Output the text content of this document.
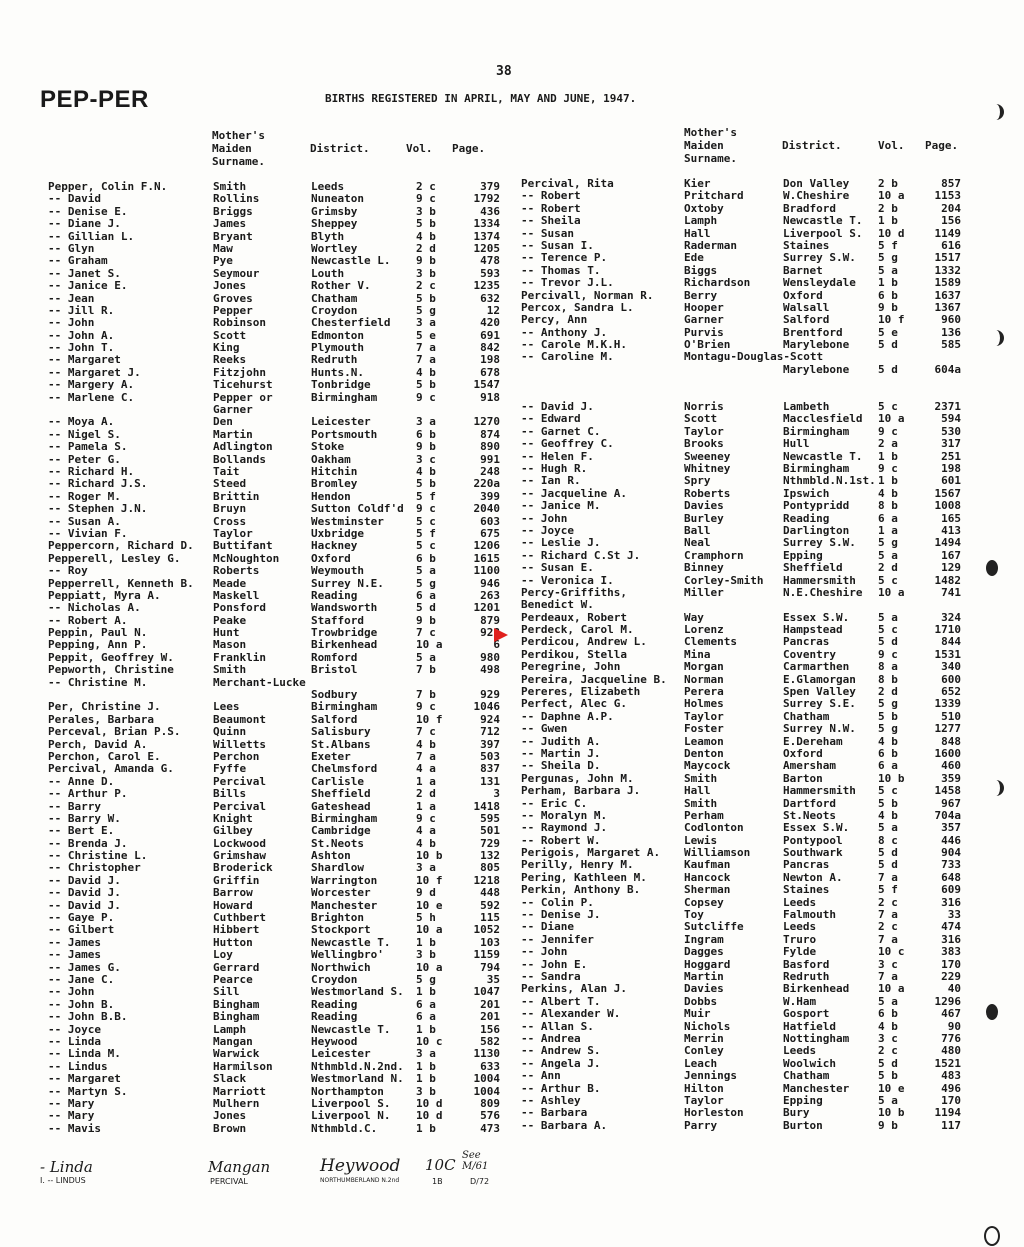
38
PEP-PER	BIRTHS REGISTERED IN APRIL, MAY AND JUNE, 1947.
Mother's
Maiden
Surname.
District.	Vol. Page.
Mother's
Maiden
Surname.
District.	Vol. Page.
Pepper, Colin F.N.	Smith	Leeds	2 c	379
-- David	Rollins	Nuneaton	9 c	1792
-- Denise E.	Briggs	Grimsby	3 b	436
-- Diane J.	James	Sheppey	5 b	1334
-- Gillian L.	Bryant	Blyth	4 b	1374
-- Glyn	Maw	Wortley	2 d	1205
-- Graham	Pye	Newcastle L. 9 b	478
-- Janet S.	Seymour	Louth	3 b	593
-- Janice E.	Jones	Rother V.	2 c	1235
-- Jean	Groves	Chatham	5 b	632
-- Jill R.	Pepper	Croydon	5 g	12
-- John	Robinson	Chesterfield 3 a	420
-- John A.	Scott	Edmonton	5 e	691
-- John T.	King	Plymouth	7 a	842
-- Margaret	Reeks	Redruth	7 a	198
-- Margaret J.	Fitzjohn	Hunts.N.	4 b	678
-- Margery A.	Ticehurst	Tonbridge	5 b	1547
-- Marlene C.	Pepper or	Birmingham	9 c	918
Garner
-- Moya A.	Den	Leicester	3 a	1270
-- Nigel S.	Martin	Portsmouth	6 b	874
-- Pamela S.	Adlington	Stoke	9 b	890
-- Peter G.	Bollands	Oakham	3 c	991
-- Richard H.	Tait	Hitchin	4 b	248
-- Richard J.S.	Steed	Bromley	5 b	220a
-- Roger M.	Brittin	Hendon	5 f	399
-- Stephen J.N.	Bruyn	Sutton Coldf'd 9 c	2040
-- Susan A.	Cross	Westminster	5 c	603
-- Vivian F.	Taylor	Uxbridge	5 f	675
Peppercorn, Richard D. Buttifant	Hackney	5 c	1206
Pepperell, Lesley G.	McNoughton	Oxford	6 b	1615
-- Roy	Roberts	Weymouth	5 a	1100
Pepperrell, Kenneth B. Meade	Surrey N.E.	5 g	946
Peppiatt, Myra A.	Maskell	Reading	6 a	263
-- Nicholas A.	Ponsford	Wandsworth	5 d	1201
-- Robert A.	Peake	Stafford	9 b	879
Peppin, Paul N.	Hunt	Trowbridge	7 c	928
Pepping, Ann P.	Mason	Birkenhead	10 a	6
Peppit, Geoffrey W.	Franklin	Romford	5 a	980
Pepworth, Christine	Smith	Bristol	7 b	498
-- Christine M.	Merchant-Lucke
Sodbury	7 b	929
Per, Christine J.	Lees	Birmingham	9 c	1046
Perales, Barbara	Beaumont	Salford	10 f	924
Perceval, Brian P.S.	Quinn	Salisbury	7 c	712
Perch, David A.	Willetts	St.Albans	4 b	397
Perchon, Carol E.	Perchon	Exeter	7 a	503
Percival, Amanda G.	Fyffe	Chelmsford	4 a	837
-- Anne D.	Percival	Carlisle	1 a	131
-- Arthur P.	Bills	Sheffield	2 d	3
-- Barry	Percival	Gateshead	1 a	1418
-- Barry W.	Knight	Birmingham	9 c	595
-- Bert E.	Gilbey	Cambridge	4 a	501
-- Brenda J.	Lockwood	St.Neots	4 b	729
-- Christine L.	Grimshaw	Ashton	10 b	132
-- Christopher	Broderick	Shardlow	3 a	805
-- David J.	Griffin	Warrington	10 f	1218
-- David J.	Barrow	Worcester	9 d	448
-- David J.	Howard	Manchester	10 e	592
-- Gaye P.	Cuthbert	Brighton	5 h	115
-- Gilbert	Hibbert	Stockport	10 a	1052
-- James	Hutton	Newcastle T. 1 b	103
-- James	Loy	Wellingbro'	3 b	1159
-- James G.	Gerrard	Northwich	10 a	794
-- Jane C.	Pearce	Croydon	5 g	35
-- John	Sill	Westmorland S. 1 b	1047
-- John B.	Bingham	Reading	6 a	201
-- John B.B.	Bingham	Reading	6 a	201
-- Joyce	Lamph	Newcastle T. 1 b	156
-- Linda	Mangan	Heywood	10 c	582
-- Linda M.	Warwick	Leicester	3 a	1130
-- Lindus	Harmilson	Nthmbld.N.2nd. 1 b	633
-- Margaret	Slack	Westmorland N. 1 b	1004
-- Martyn S.	Marriott	Northampton	3 b	1004
-- Mary	Mulhern	Liverpool S. 10 d	809
-- Mary	Jones	Liverpool N. 10 d	576
-- Mavis	Brown	Nthmbld.C.	1 b	473
Percival, Rita	Kier	Don Valley	2 b	857
-- Robert	Pritchard	W.Cheshire	10 a	1153
-- Robert	Oxtoby	Bradford	2 b	204
-- Sheila	Lamph	Newcastle T. 1 b	156
-- Susan	Hall	Liverpool S. 10 d	1149
-- Susan I.	Raderman	Staines	5 f	616
-- Terence P.	Ede	Surrey S.W. 5 g	1517
-- Thomas T.	Biggs	Barnet	5 a	1332
-- Trevor J.L.	Richardson	Wensleydale 1 b	1589
Percivall, Norman R.	Berry	Oxford	6 b	1637
Percox, Sandra L.	Hooper	Walsall	9 b	1367
Percy, Ann	Garner	Salford	10 f	960
-- Anthony J.	Purvis	Brentford	5 e	136
-- Carole M.K.H.	O'Brien	Marylebone	5 d	585
-- Caroline M.	Montagu-Douglas-Scott
Marylebone	5 d	604a
-- David J.	Norris	Lambeth	5 c	2371
-- Edward	Scott	Macclesfield 10 a	594
-- Garnet C.	Taylor	Birmingham	9 c	530
-- Geoffrey C.	Brooks	Hull	2 a	317
-- Helen F.	Sweeney	Newcastle T. 1 b	251
-- Hugh R.	Whitney	Birmingham	9 c	198
-- Ian R.	Spry	Nthmbld.N.1st. 1 b	601
-- Jacqueline A.	Roberts	Ipswich	4 b	1567
-- Janice M.	Davies	Pontypridd	8 b	1008
-- John	Burley	Reading	6 a	165
-- Joyce	Ball	Darlington	1 a	413
-- Leslie J.	Neal	Surrey S.W. 5 g	1494
-- Richard C.St J.	Cramphorn	Epping	5 a	167
-- Susan E.	Binney	Sheffield	2 d	129
-- Veronica I.	Corley-Smith Hammersmith 5 c	1482
Percy-Griffiths,	Miller	N.E.Cheshire 10 a	741
Benedict W.
Perdeaux, Robert	Way	Essex S.W.	5 a	324
Perdeck, Carol M.	Lorenz	Hampstead	5 c	1710
Perdicou, Andrew L.	Clements	Pancras	5 d	844
Perdikou, Stella	Mina	Coventry	9 c	1531
Peregrine, John	Morgan	Carmarthen	8 a	340
Pereira, Jacqueline B. Norman	E.Glamorgan 8 b	600
Pereres, Elizabeth	Perera	Spen Valley 2 d	652
Perfect, Alec G.	Holmes	Surrey S.E. 5 g	1339
-- Daphne A.P.	Taylor	Chatham	5 b	510
-- Gwen	Foster	Surrey N.W. 5 g	1277
-- Judith A.	Leamon	E.Dereham	4 b	848
-- Martin J.	Denton	Oxford	6 b	1600
-- Sheila D.	Maycock	Amersham	6 a	460
Pergunas, John M.	Smith	Barton	10 b	359
Perham, Barbara J.	Hall	Hammersmith 5 c	1458
-- Eric C.	Smith	Dartford	5 b	967
-- Moralyn M.	Perham	St.Neots	4 b	704a
-- Raymond J.	Codlonton	Essex S.W.	5 a	357
-- Robert W.	Lewis	Pontypool	8 c	446
Perigois, Margaret A. Williamson	Southwark	5 d	904
Perilly, Henry M.	Kaufman	Pancras	5 d	733
Pering, Kathleen M.	Hancock	Newton A.	7 a	648
Perkin, Anthony B.	Sherman	Staines	5 f	609
-- Colin P.	Copsey	Leeds	2 c	316
-- Denise J.	Toy	Falmouth	7 a	33
-- Diane	Sutcliffe	Leeds	2 c	474
-- Jennifer	Ingram	Truro	7 a	316
-- John	Dagges	Fylde	10 c	383
-- John E.	Hoggard	Basford	3 c	170
-- Sandra	Martin	Redruth	7 a	229
Perkins, Alan J.	Davies	Birkenhead	10 a	40
-- Albert T.	Dobbs	W.Ham	5 a	1296
-- Alexander W.	Muir	Gosport	6 b	467
-- Allan S.	Nichols	Hatfield	4 b	90
-- Andrea	Merrin	Nottingham	3 c	776
-- Andrew S.	Conley	Leeds	2 c	480
-- Angela J.	Leach	Woolwich	5 d	1521
-- Ann	Jennings	Chatham	5 b	483
-- Arthur B.	Hilton	Manchester	10 e	496
-- Ashley	Taylor	Epping	5 a	170
-- Barbara	Horleston	Bury	10 b	1194
-- Barbara A.	Parry	Burton	9 b	117
- Linda	Mangan	Heywood 10C
See M/61
I. -- LINDUS	PERCIVAL	NORTHUMBERLAND N.2nd	1B	D/72
